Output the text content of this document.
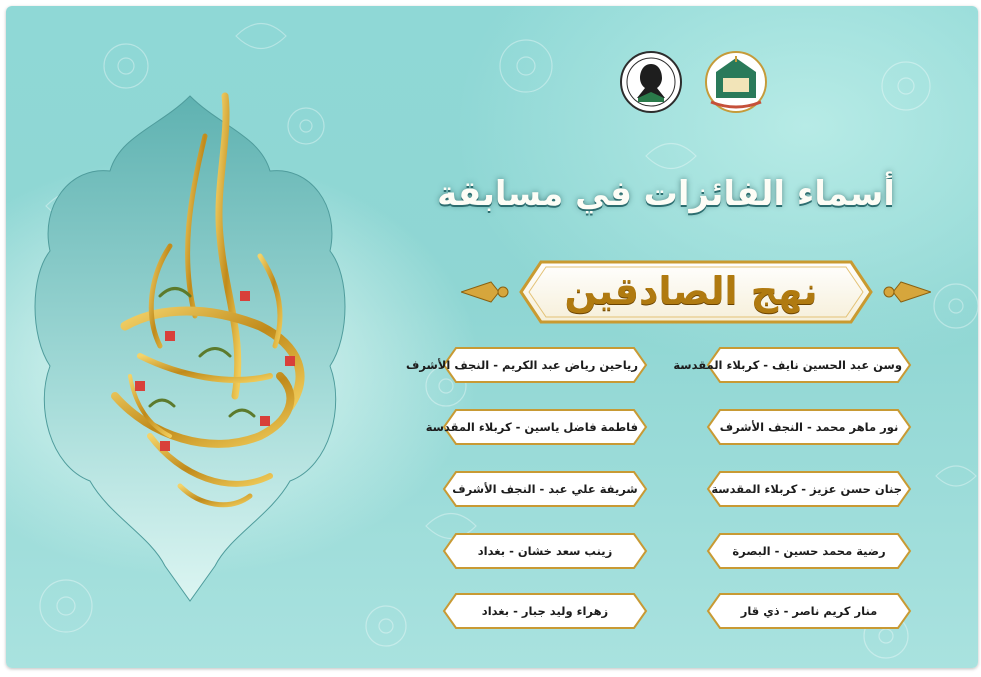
أسماء الفائزات في مسابقة
نهج الصادقين
رياحين رياض عبد الكريم - النجف الأشرف
فاطمة فاضل ياسين - كربلاء المقدسة
شريفة علي عبد - النجف الأشرف
زينب سعد خشان - بغداد
زهراء وليد جبار - بغداد
وسن عبد الحسين نايف - كربلاء المقدسة
نور ماهر محمد - النجف الأشرف
جنان حسن عزيز - كربلاء المقدسة
رضية محمد حسين - البصرة
منار كريم ناصر - ذي قار
